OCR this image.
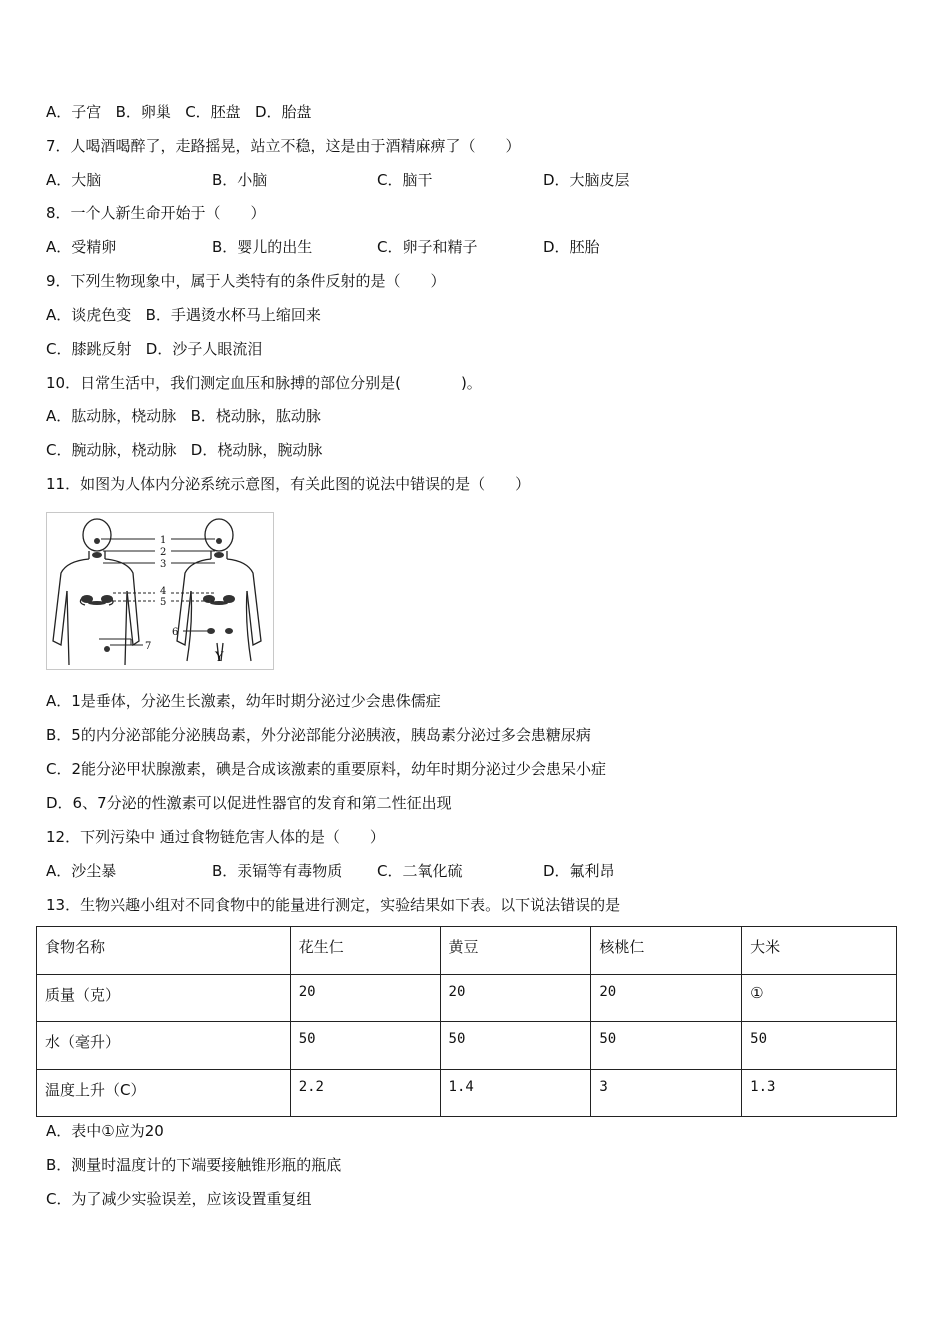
A．子宫 B．卵巢 C．胚盘 D．胎盘
7．人喝酒喝醉了，走路摇晃，站立不稳，这是由于酒精麻痹了（　　）
A．大脑	B．小脑	C．脑干	D．大脑皮层
8．一个人新生命开始于（　　）
A．受精卵	B．婴儿的出生	C．卵子和精子	D．胚胎
9．下列生物现象中，属于人类特有的条件反射的是（　　）
A．谈虎色变 B．手遇烫水杯马上缩回来
C．膝跳反射 D．沙子人眼流泪
10．日常生活中，我们测定血压和脉搏的部位分别是(　　　　)。
A．肱动脉，桡动脉 B．桡动脉，肱动脉
C．腕动脉，桡动脉 D．桡动脉，腕动脉
11．如图为人体内分泌系统示意图，有关此图的说法中错误的是（　　）
1
2
3
4
5
6
7
Y
A．1是垂体，分泌生长激素，幼年时期分泌过少会患侏儒症
B．5的内分泌部能分泌胰岛素，外分泌部能分泌胰液，胰岛素分泌过多会患糖尿病
C．2能分泌甲状腺激素，碘是合成该激素的重要原料，幼年时期分泌过少会患呆小症
D．6、7分泌的性激素可以促进性器官的发育和第二性征出现
12．下列污染中 通过食物链危害人体的是（　　）
A．沙尘暴	B．汞镉等有毒物质 C．二氧化硫	D．氟利昂
13．生物兴趣小组对不同食物中的能量进行测定，实验结果如下表。以下说法错误的是
食物名称	花生仁	黄豆	核桃仁	大米
质量（克）	20	20	20	①
水（毫升）	50	50	50	50
温度上升（C）	2.2	1.4	3	1.3
A．表中①应为20
B．测量时温度计的下端要接触锥形瓶的瓶底
C．为了减少实验误差，应该设置重复组
